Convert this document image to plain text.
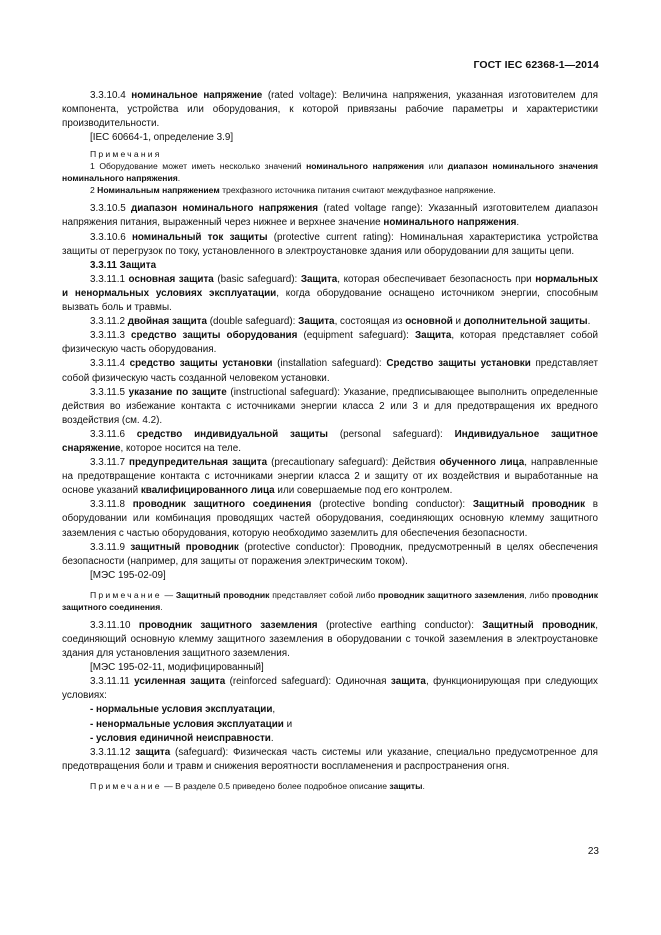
ГОСТ IEC 62368-1—2014

3.3.10.4 номинальное напряжение (rated voltage): Величина напряжения, указанная изготовителем для компонента, устройства или оборудования, к которой привязаны рабочие параметры и характеристики производительности.

[IEC 60664-1, определение 3.9]

Примечания

1 Оборудование может иметь несколько значений номинального напряжения или диапазон номинального значения номинального напряжения.

2 Номинальным напряжением трехфазного источника питания считают междуфазное напряжение.

3.3.10.5 диапазон номинального напряжения (rated voltage range): Указанный изготовителем диапазон напряжения питания, выраженный через нижнее и верхнее значение номинального напряжения.

3.3.10.6 номинальный ток защиты (protective current rating): Номинальная характеристика устройства защиты от перегрузок по току, установленного в электроустановке здания или оборудовании для защиты цепи.

3.3.11 Защита

3.3.11.1 основная защита (basic safeguard): Защита, которая обеспечивает безопасность при нормальных и ненормальных условиях эксплуатации, когда оборудование оснащено источником энергии, способным вызвать боль и травмы.

3.3.11.2 двойная защита (double safeguard): Защита, состоящая из основной и дополнительной защиты.

3.3.11.3 средство защиты оборудования (equipment safeguard): Защита, которая представляет собой физическую часть оборудования.

3.3.11.4 средство защиты установки (installation safeguard): Средство защиты установки представляет собой физическую часть созданной человеком установки.

3.3.11.5 указание по защите (instructional safeguard): Указание, предписывающее выполнить определенные действия во избежание контакта с источниками энергии класса 2 или 3 и для предотвращения их вредного воздействия (см. 4.2).

3.3.11.6 средство индивидуальной защиты (personal safeguard): Индивидуальное защитное снаряжение, которое носится на теле.

3.3.11.7 предупредительная защита (precautionary safeguard): Действия обученного лица, направленные на предотвращение контакта с источниками энергии класса 2 и защиту от их воздействия и выработанные на основе указаний квалифицированного лица или совершаемые под его контролем.

3.3.11.8 проводник защитного соединения (protective bonding conductor): Защитный проводник в оборудовании или комбинация проводящих частей оборудования, соединяющих основную клемму защитного заземления с частью оборудования, которую необходимо заземлить для обеспечения безопасности.

3.3.11.9 защитный проводник (protective conductor): Проводник, предусмотренный в целях обеспечения безопасности (например, для защиты от поражения электрическим током).

[МЭС 195-02-09]

Примечание — Защитный проводник представляет собой либо проводник защитного заземления, либо проводник защитного соединения.

3.3.11.10 проводник защитного заземления (protective earthing conductor): Защитный проводник, соединяющий основную клемму защитного заземления в оборудовании с точкой заземления в электроустановке здания для установления защитного заземления.

[МЭС 195-02-11, модифицированный]

3.3.11.11 усиленная защита (reinforced safeguard): Одиночная защита, функционирующая при следующих условиях:

- нормальные условия эксплуатации,

- ненормальные условия эксплуатации и

- условия единичной неисправности.

3.3.11.12 защита (safeguard): Физическая часть системы или указание, специально предусмотренное для предотвращения боли и травм и снижения вероятности воспламенения и распространения огня.

Примечание — В разделе 0.5 приведено более подробное описание защиты.

23
